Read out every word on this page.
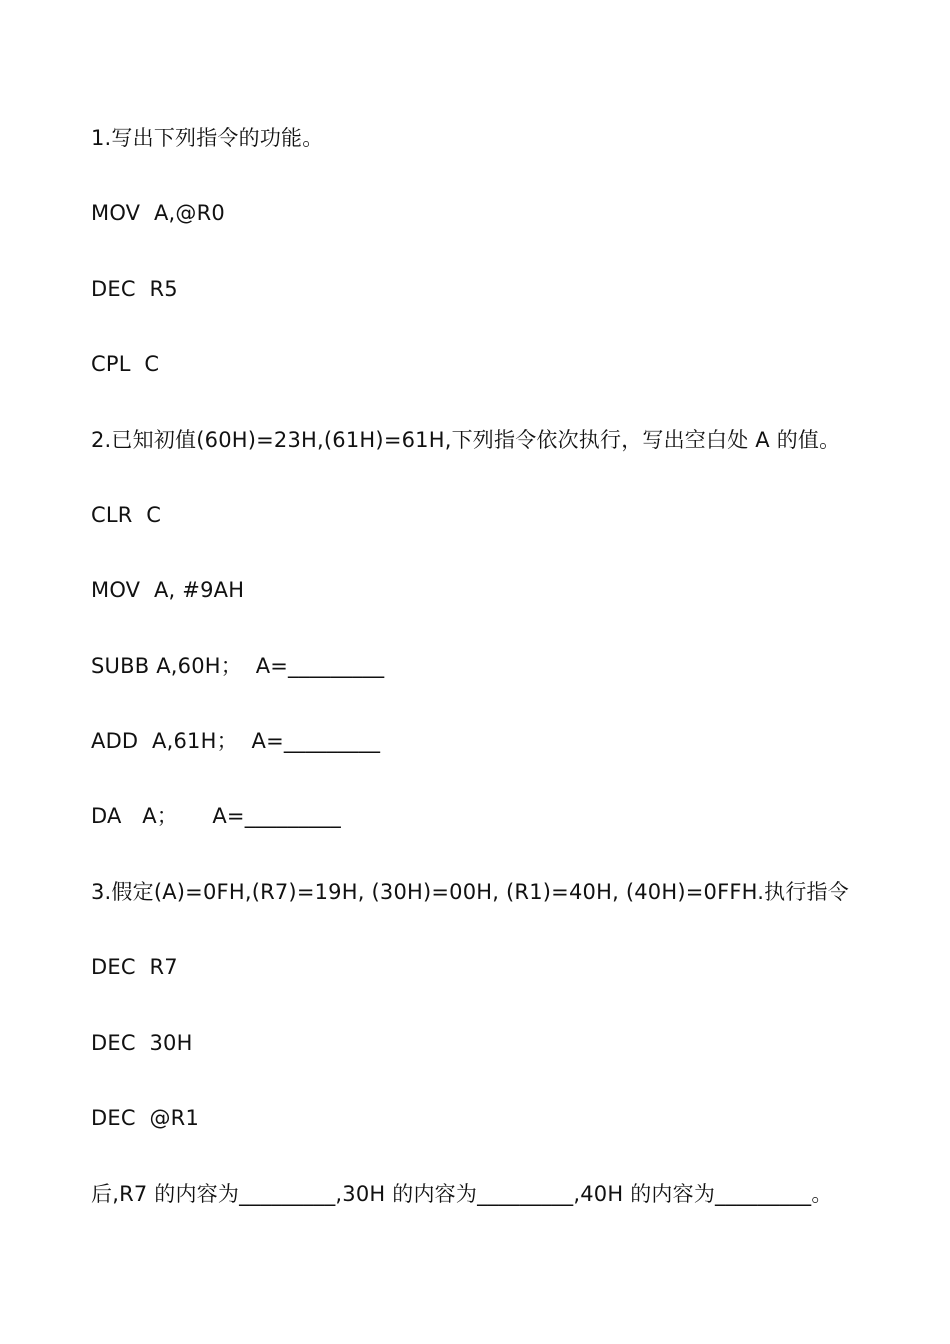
1.写出下列指令的功能。
MOV  A,@R0
DEC  R5
CPL  C
2.已知初值(60H)=23H,(61H)=61H,下列指令依次执行，写出空白处 A 的值。
CLR  C
MOV  A, #9AH
SUBB A,60H；  A=_________
ADD  A,61H；  A=_________
DA   A；     A=_________
3.假定(A)=0FH,(R7)=19H, (30H)=00H, (R1)=40H, (40H)=0FFH.执行指令
DEC  R7
DEC  30H
DEC  @R1
后,R7 的内容为_________,30H 的内容为_________,40H 的内容为_________。
